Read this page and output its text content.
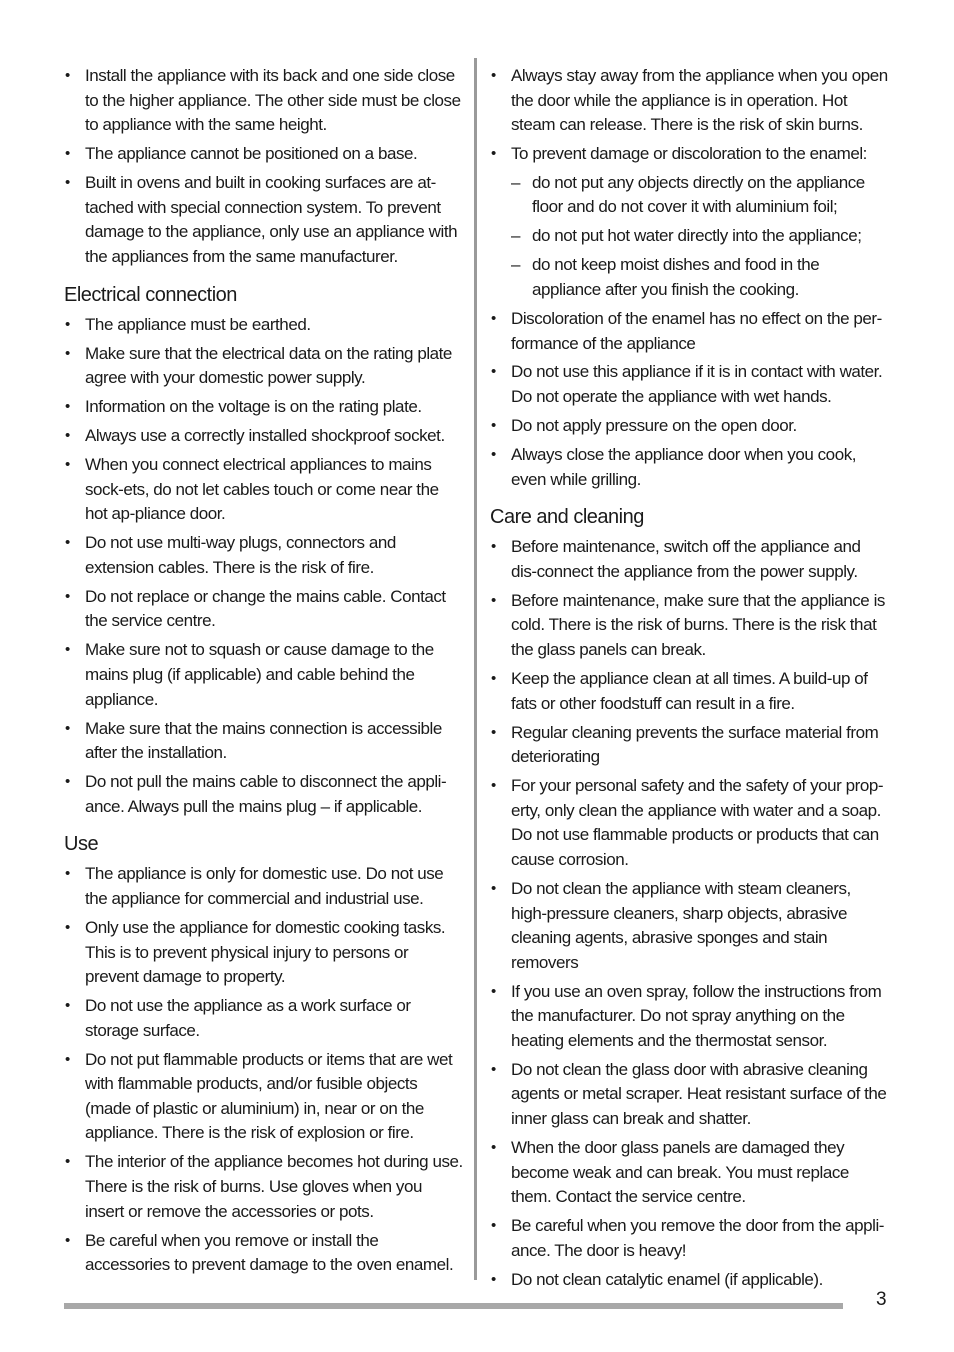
• Install the appliance with its back and one side close to the higher appliance. The other side must be close to appliance with the same height.
• The appliance cannot be positioned on a base.
• Built in ovens and built in cooking surfaces are at-tached with special connection system. To prevent damage to the appliance, only use an appliance with the appliances from the same manufacturer.
Electrical connection
• The appliance must be earthed.
• Make sure that the electrical data on the rating plate agree with your domestic power supply.
• Information on the voltage is on the rating plate.
• Always use a correctly installed shockproof socket.
• When you connect electrical appliances to mains sock-ets, do not let cables touch or come near the hot ap-pliance door.
• Do not use multi-way plugs, connectors and extension cables. There is the risk of fire.
• Do not replace or change the mains cable. Contact the service centre.
• Make sure not to squash or cause damage to the mains plug (if applicable) and cable behind the appliance.
• Make sure that the mains connection is accessible after the installation.
• Do not pull the mains cable to disconnect the appli-ance. Always pull the mains plug – if applicable.
Use
• The appliance is only for domestic use. Do not use the appliance for commercial and industrial use.
• Only use the appliance for domestic cooking tasks. This is to prevent physical injury to persons or prevent damage to property.
• Do not use the appliance as a work surface or storage surface.
• Do not put flammable products or items that are wet with flammable products, and/or fusible objects (made of plastic or aluminium) in, near or on the appliance. There is the risk of explosion or fire.
• The interior of the appliance becomes hot during use. There is the risk of burns. Use gloves when you insert or remove the accessories or pots.
• Be careful when you remove or install the accessories to prevent damage to the oven enamel.
• Always stay away from the appliance when you open the door while the appliance is in operation. Hot steam can release. There is the risk of skin burns.
• To prevent damage or discoloration to the enamel:
– do not put any objects directly on the appliance floor and do not cover it with aluminium foil;
– do not put hot water directly into the appliance;
– do not keep moist dishes and food in the appliance after you finish the cooking.
• Discoloration of the enamel has no effect on the per-formance of the appliance
• Do not use this appliance if it is in contact with water. Do not operate the appliance with wet hands.
• Do not apply pressure on the open door.
• Always close the appliance door when you cook, even while grilling.
Care and cleaning
• Before maintenance, switch off the appliance and dis-connect the appliance from the power supply.
• Before maintenance, make sure that the appliance is cold. There is the risk of burns. There is the risk that the glass panels can break.
• Keep the appliance clean at all times. A build-up of fats or other foodstuff can result in a fire.
• Regular cleaning prevents the surface material from deteriorating
• For your personal safety and the safety of your prop-erty, only clean the appliance with water and a soap. Do not use flammable products or products that can cause corrosion.
• Do not clean the appliance with steam cleaners, high-pressure cleaners, sharp objects, abrasive cleaning agents, abrasive sponges and stain removers
• If you use an oven spray, follow the instructions from the manufacturer. Do not spray anything on the heating elements and the thermostat sensor.
• Do not clean the glass door with abrasive cleaning agents or metal scraper. Heat resistant surface of the inner glass can break and shatter.
• When the door glass panels are damaged they become weak and can break. You must replace them. Contact the service centre.
• Be careful when you remove the door from the appli-ance. The door is heavy!
• Do not clean catalytic enamel (if applicable).
3
